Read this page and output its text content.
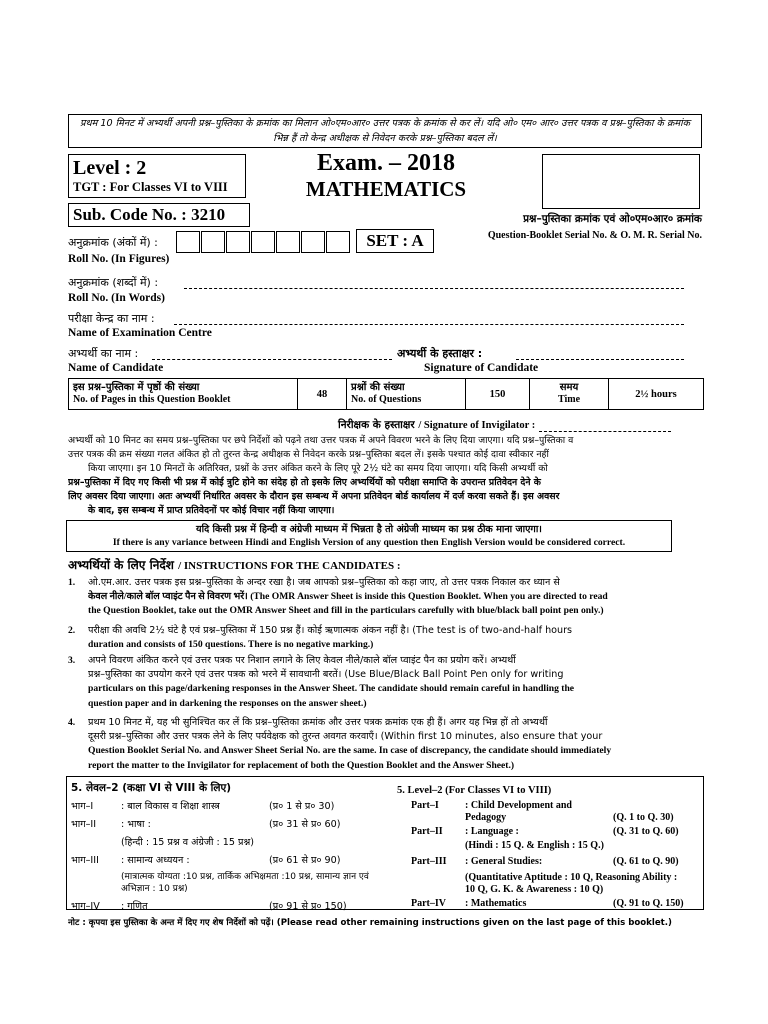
प्रथम 10 मिनट में अभ्यर्थी अपनी प्रश्न–पुस्तिका के क्रमांक का मिलान ओ०एम०आर० उत्तर पत्रक के क्रमांक से कर लें। यदि ओ० एम० आर० उत्तर पत्रक व प्रश्न–पुस्तिका के क्रमांक भिन्न हैं तो केन्द्र अधीक्षक से निवेदन करके प्रश्न–पुस्तिका बदल लें।
Level : 2
TGT : For Classes VI to VIII
Exam. – 2018
MATHEMATICS
Sub. Code No. : 3210	प्रश्न–पुस्तिका क्रमांक एवं ओ०एम०आर० क्रमांक
Question-Booklet Serial No. & O. M. R. Serial No.
अनुक्रमांक (अंकों में) :	SET : A
Roll No. (In Figures)
अनुक्रमांक (शब्दों में) :
Roll No. (In Words)
परीक्षा केन्द्र का नाम :
Name of Examination Centre
अभ्यर्थी का नाम :	अभ्यर्थी के हस्ताक्षर :
Name of Candidate	Signature of Candidate
इस प्रश्न–पुस्तिका में पृष्ठों की संख्या
No. of Pages in this Question Booklet	48	
प्रश्नों की संख्या
No. of Questions	150	
समय
Time	2½ hours
निरीक्षक के हस्ताक्षर / Signature of Invigilator :
अभ्यर्थी को 10 मिनट का समय प्रश्न–पुस्तिका पर छपे निर्देशों को पढ़ने तथा उत्तर पत्रक में अपने विवरण भरने के लिए दिया जाएगा। यदि प्रश्न–पुस्तिका व
उत्तर पत्रक की क्रम संख्या गलत अंकित हो तो तुरन्त केन्द्र अधीक्षक से निवेदन करके प्रश्न–पुस्तिका बदल लें। इसके पश्चात कोई दावा स्वीकार नहीं
किया जाएगा। इन 10 मिनटों के अतिरिक्त, प्रश्नों के उत्तर अंकित करने के लिए पूरे 2½ घंटे का समय दिया जाएगा। यदि किसी अभ्यर्थी को
प्रश्न–पुस्तिका में दिए गए किसी भी प्रश्न में कोई त्रुटि होने का संदेह हो तो इसके लिए अभ्यर्थियों को परीक्षा समाप्ति के उपरान्त प्रतिवेदन देने के
लिए अवसर दिया जाएगा। अतः अभ्यर्थी निर्धारित अवसर के दौरान इस सम्बन्ध में अपना प्रतिवेदन बोर्ड कार्यालय में दर्ज करवा सकते हैं। इस अवसर
के बाद, इस सम्बन्ध में प्राप्त प्रतिवेदनों पर कोई विचार नहीं किया जाएगा।
यदि किसी प्रश्न में हिन्दी व अंग्रेजी माध्यम में भिन्नता है तो अंग्रेजी माध्यम का प्रश्न ठीक माना जाएगा।
If there is any variance between Hindi and English Version of any question then English Version would be considered correct.
अभ्यर्थियों के लिए निर्देश / INSTRUCTIONS FOR THE CANDIDATES :
1. ओ.एम.आर. उत्तर पत्रक इस प्रश्न–पुस्तिका के अन्दर रखा है। जब आपको प्रश्न–पुस्तिका को कहा जाए, तो उत्तर पत्रक निकाल कर ध्यान से
केवल नीले/काले बॉल प्वाइंट पैन से विवरण भरें। (The OMR Answer Sheet is inside this Question Booklet. When you are directed to read
the Question Booklet, take out the OMR Answer Sheet and fill in the particulars carefully with blue/black ball point pen only.)
2. परीक्षा की अवधि 2½ घंटे है एवं प्रश्न–पुस्तिका में 150 प्रश्न हैं। कोई ऋणात्मक अंकन नहीं है। (The test is of two-and-half hours
duration and consists of 150 questions. There is no negative marking.)
3. अपने विवरण अंकित करने एवं उत्तर पत्रक पर निशान लगाने के लिए केवल नीले/काले बॉल प्वाइंट पैन का प्रयोग करें। अभ्यर्थी
प्रश्न–पुस्तिका का उपयोग करने एवं उत्तर पत्रक को भरने में सावधानी बरतें। (Use Blue/Black Ball Point Pen only for writing
particulars on this page/darkening responses in the Answer Sheet. The candidate should remain careful in handling the
question paper and in darkening the responses on the answer sheet.)
4. प्रथम 10 मिनट में, यह भी सुनिश्चित कर लें कि प्रश्न–पुस्तिका क्रमांक और उत्तर पत्रक क्रमांक एक ही हैं। अगर यह भिन्न हों तो अभ्यर्थी
दूसरी प्रश्न–पुस्तिका और उत्तर पत्रक लेने के लिए पर्यवेक्षक को तुरन्त अवगत करवाएँ। (Within first 10 minutes, also ensure that your
Question Booklet Serial No. and Answer Sheet Serial No. are the same. In case of discrepancy, the candidate should immediately
report the matter to the Invigilator for replacement of both the Question Booklet and the Answer Sheet.)
5. लेवल–2 (कक्षा VI से VIII के लिए)
भाग–I	: बाल विकास व शिक्षा शास्त्र	(प्र० 1 से प्र० 30)
भाग–II	: भाषा :	(प्र० 31 से प्र० 60)
(हिन्दी : 15 प्रश्न व अंग्रेजी : 15 प्रश्न)
भाग–III	: सामान्य अध्ययन :	(प्र० 61 से प्र० 90)
(मात्रात्मक योग्यता :10 प्रश्न, तार्किक अभिक्षमता :10 प्रश्न, सामान्य ज्ञान एवं अभिज्ञान : 10 प्रश्न)
भाग–IV	: गणित	(प्र० 91 से प्र० 150)
5. Level–2 (For Classes VI to VIII)
Part–I	: Child Development and Pedagogy	(Q. 1 to Q. 30)
Part–II	: Language :	(Q. 31 to Q. 60)
(Hindi : 15 Q. & English : 15 Q.)
Part–III	: General Studies:	(Q. 61 to Q. 90)
(Quantitative Aptitude : 10 Q, Reasoning Ability : 10 Q, G. K. & Awareness : 10 Q)
Part–IV	: Mathematics	(Q. 91 to Q. 150)
नोट : कृपया इस पुस्तिका के अन्त में दिए गए शेष निर्देशों को पढ़ें। (Please read other remaining instructions given on the last page of this booklet.)
